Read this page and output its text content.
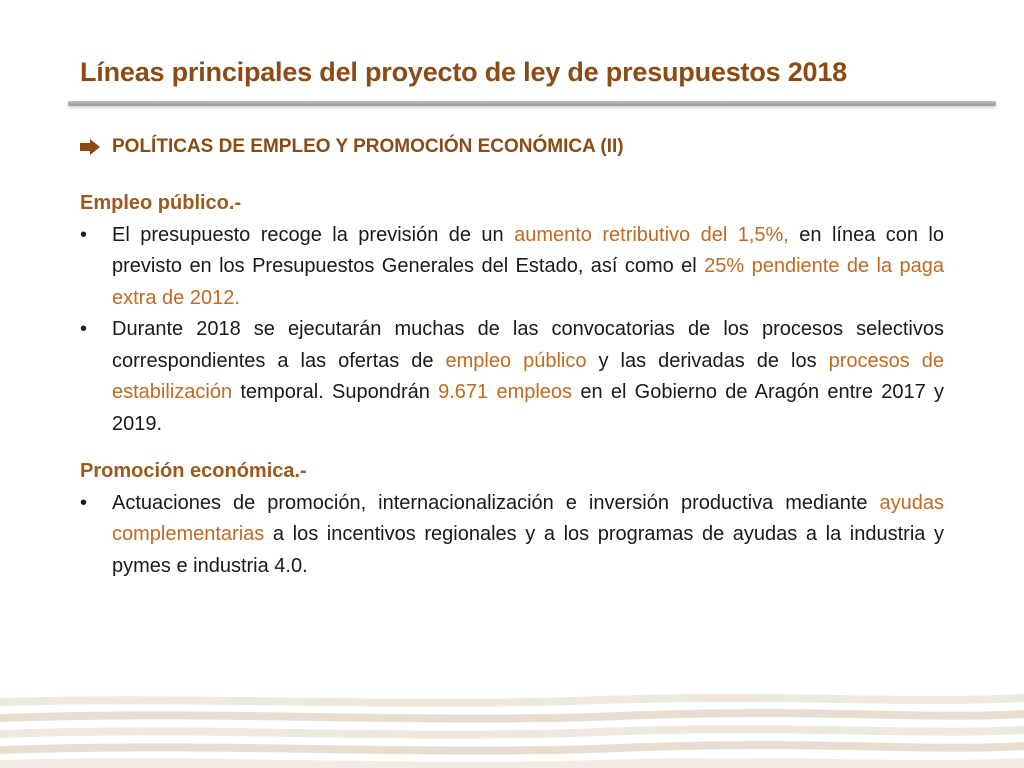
Líneas principales del proyecto de ley de presupuestos 2018
POLÍTICAS DE EMPLEO Y PROMOCIÓN ECONÓMICA (II)
Empleo público.-
• El presupuesto recoge la previsión de un aumento retributivo del 1,5%, en línea con lo previsto en los Presupuestos Generales del Estado, así como el 25% pendiente de la paga extra de 2012.
• Durante 2018 se ejecutarán muchas de las convocatorias de los procesos selectivos correspondientes a las ofertas de empleo público y las derivadas de los procesos de estabilización temporal. Supondrán 9.671 empleos en el Gobierno de Aragón entre 2017 y 2019.
Promoción económica.-
• Actuaciones de promoción, internacionalización e inversión productiva mediante ayudas complementarias a los incentivos regionales y a los programas de ayudas a la industria y pymes e industria 4.0.
